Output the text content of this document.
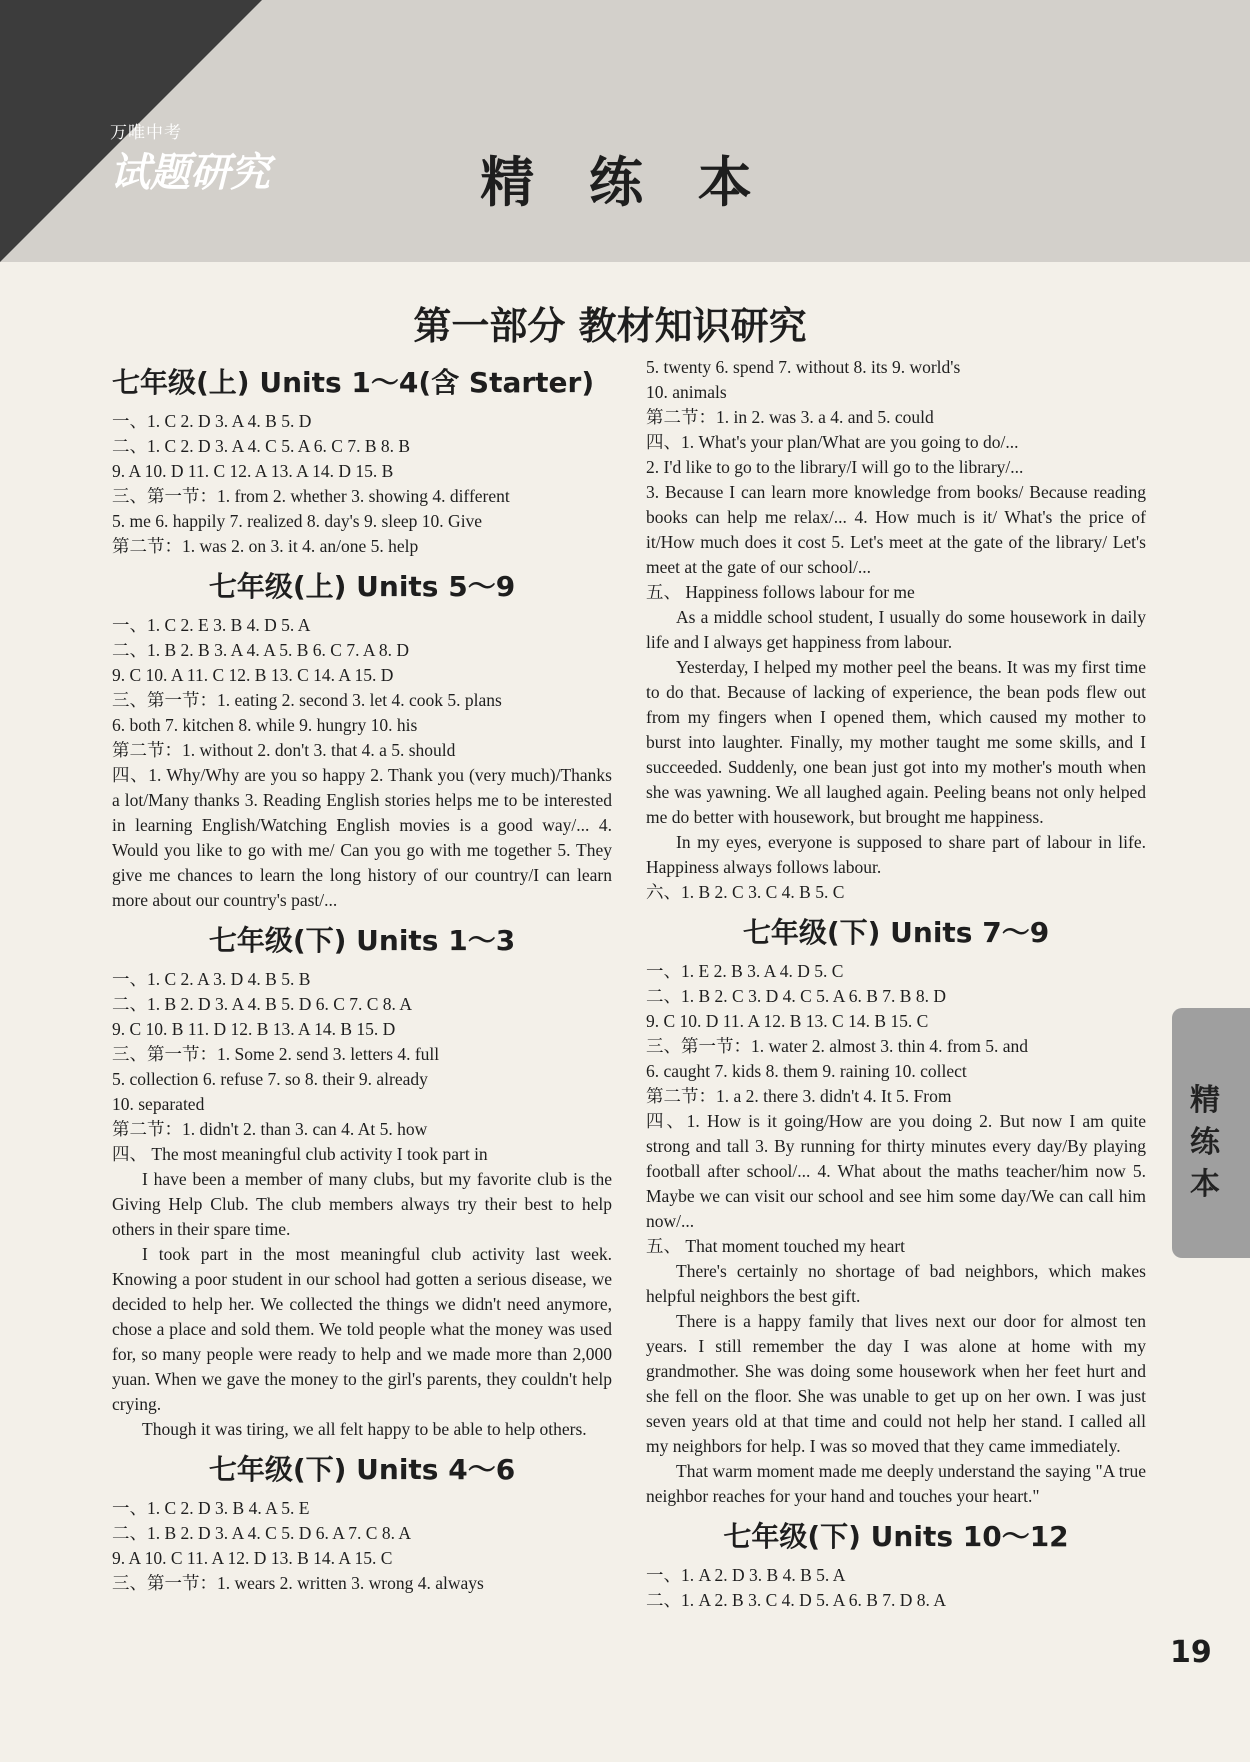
万唯中考
试题研究	精 练 本
第一部分 教材知识研究
七年级(上) Units 1～4(含 Starter)
一、1. C 2. D 3. A 4. B 5. D
二、1. C 2. D 3. A 4. C 5. A 6. C 7. B 8. B
9. A 10. D 11. C 12. A 13. A 14. D 15. B
三、第一节：1. from 2. whether 3. showing 4. different
5. me 6. happily 7. realized 8. day's 9. sleep 10. Give
第二节：1. was 2. on 3. it 4. an/one 5. help
七年级(上) Units 5～9
一、1. C 2. E 3. B 4. D 5. A
二、1. B 2. B 3. A 4. A 5. B 6. C 7. A 8. D
9. C 10. A 11. C 12. B 13. C 14. A 15. D
三、第一节：1. eating 2. second 3. let 4. cook 5. plans
6. both 7. kitchen 8. while 9. hungry 10. his
第二节：1. without 2. don't 3. that 4. a 5. should
四、1. Why/Why are you so happy 2. Thank you (very much)/Thanks a lot/Many thanks 3. Reading English stories helps me to be interested in learning English/Watching English movies is a good way/... 4. Would you like to go with me/ Can you go with me together 5. They give me chances to learn the long history of our country/I can learn more about our country's past/...
七年级(下) Units 1～3
一、1. C 2. A 3. D 4. B 5. B
二、1. B 2. D 3. A 4. B 5. D 6. C 7. C 8. A
9. C 10. B 11. D 12. B 13. A 14. B 15. D
三、第一节：1. Some 2. send 3. letters 4. full
5. collection 6. refuse 7. so 8. their 9. already
10. separated
第二节：1. didn't 2. than 3. can 4. At 5. how
四、 The most meaningful club activity I took part in
I have been a member of many clubs, but my favorite club is the Giving Help Club. The club members always try their best to help others in their spare time.
I took part in the most meaningful club activity last week. Knowing a poor student in our school had gotten a serious disease, we decided to help her. We collected the things we didn't need anymore, chose a place and sold them. We told people what the money was used for, so many people were ready to help and we made more than 2,000 yuan. When we gave the money to the girl's parents, they couldn't help crying.
Though it was tiring, we all felt happy to be able to help others.
七年级(下) Units 4～6
一、1. C 2. D 3. B 4. A 5. E
二、1. B 2. D 3. A 4. C 5. D 6. A 7. C 8. A
9. A 10. C 11. A 12. D 13. B 14. A 15. C
三、第一节：1. wears 2. written 3. wrong 4. always
5. twenty 6. spend 7. without 8. its 9. world's
10. animals
第二节：1. in 2. was 3. a 4. and 5. could
四、1. What's your plan/What are you going to do/...
2. I'd like to go to the library/I will go to the library/...
3. Because I can learn more knowledge from books/ Because reading books can help me relax/... 4. How much is it/ What's the price of it/How much does it cost 5. Let's meet at the gate of the library/ Let's meet at the gate of our school/...
五、 Happiness follows labour for me
As a middle school student, I usually do some housework in daily life and I always get happiness from labour.
Yesterday, I helped my mother peel the beans. It was my first time to do that. Because of lacking of experience, the bean pods flew out from my fingers when I opened them, which caused my mother to burst into laughter. Finally, my mother taught me some skills, and I succeeded. Suddenly, one bean just got into my mother's mouth when she was yawning. We all laughed again. Peeling beans not only helped me do better with housework, but brought me happiness.
In my eyes, everyone is supposed to share part of labour in life. Happiness always follows labour.
六、1. B 2. C 3. C 4. B 5. C
七年级(下) Units 7～9
一、1. E 2. B 3. A 4. D 5. C
二、1. B 2. C 3. D 4. C 5. A 6. B 7. B 8. D
9. C 10. D 11. A 12. B 13. C 14. B 15. C
三、第一节：1. water 2. almost 3. thin 4. from 5. and
6. caught 7. kids 8. them 9. raining 10. collect
第二节：1. a 2. there 3. didn't 4. It 5. From
四、1. How is it going/How are you doing 2. But now I am quite strong and tall 3. By running for thirty minutes every day/By playing football after school/... 4. What about the maths teacher/him now 5. Maybe we can visit our school and see him some day/We can call him now/...
五、 That moment touched my heart
There's certainly no shortage of bad neighbors, which makes helpful neighbors the best gift.
There is a happy family that lives next our door for almost ten years. I still remember the day I was alone at home with my grandmother. She was doing some housework when her feet hurt and she fell on the floor. She was unable to get up on her own. I was just seven years old at that time and could not help her stand. I called all my neighbors for help. I was so moved that they came immediately.
That warm moment made me deeply understand the saying "A true neighbor reaches for your hand and touches your heart."
七年级(下) Units 10～12
一、1. A 2. D 3. B 4. B 5. A
二、1. A 2. B 3. C 4. D 5. A 6. B 7. D 8. A
精练本
19
